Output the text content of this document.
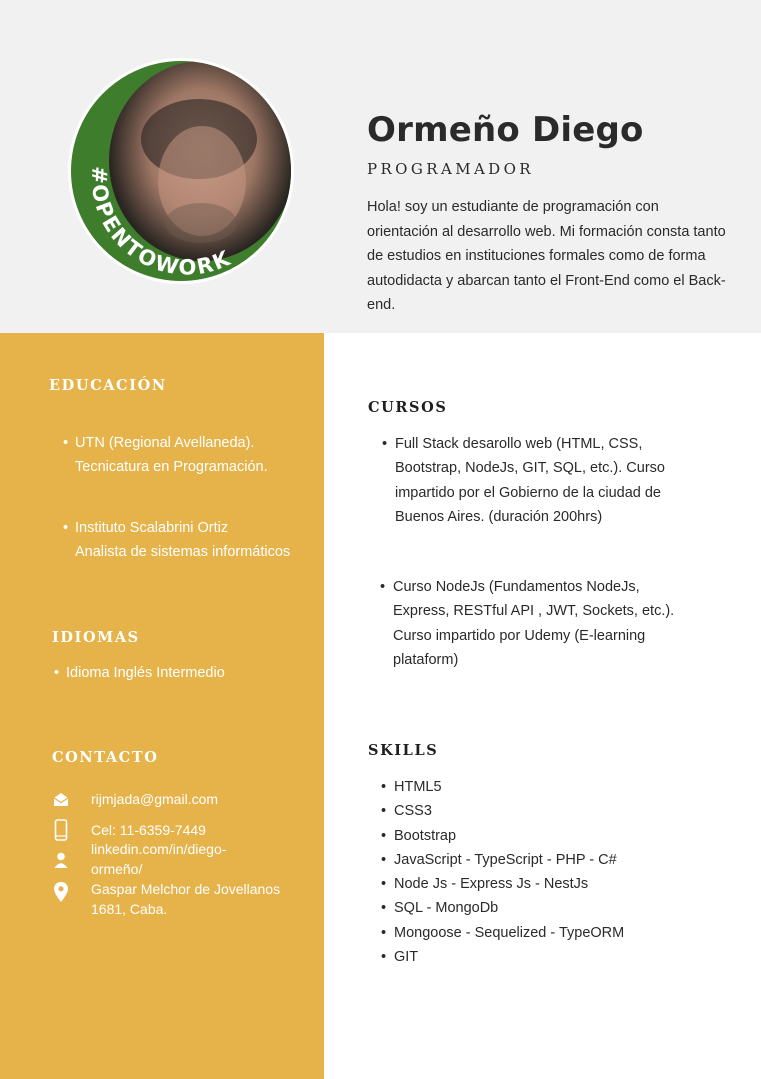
#OPENTOWORK
Ormeño Diego
PROGRAMADOR
Hola! soy un estudiante de programación con orientación al desarrollo web. Mi formación consta tanto de estudios en instituciones formales como de forma autodidacta y abarcan tanto el Front-End como el Back-end.
EDUCACIÓN
• UTN (Regional Avellaneda).
Tecnicatura en Programación.
• Instituto Scalabrini Ortiz
Analista de sistemas informáticos
IDIOMAS
• Idioma Inglés Intermedio
CONTACTO
rijmjada@gmail.com
Cel: 11-6359-7449
linkedin.com/in/diego-
ormeño/
Gaspar Melchor de Jovellanos
1681, Caba.
CURSOS
• Full Stack desarollo web (HTML, CSS,
Bootstrap, NodeJs, GIT, SQL, etc.). Curso
impartido por el Gobierno de la ciudad de
Buenos Aires. (duración 200hrs)
• Curso NodeJs (Fundamentos NodeJs,
Express, RESTful API , JWT, Sockets, etc.).
Curso impartido por Udemy (E-learning
plataform)
SKILLS
• HTML5
• CSS3
• Bootstrap
• JavaScript - TypeScript - PHP - C#
• Node Js - Express Js - NestJs
• SQL - MongoDb
• Mongoose - Sequelized - TypeORM
• GIT
